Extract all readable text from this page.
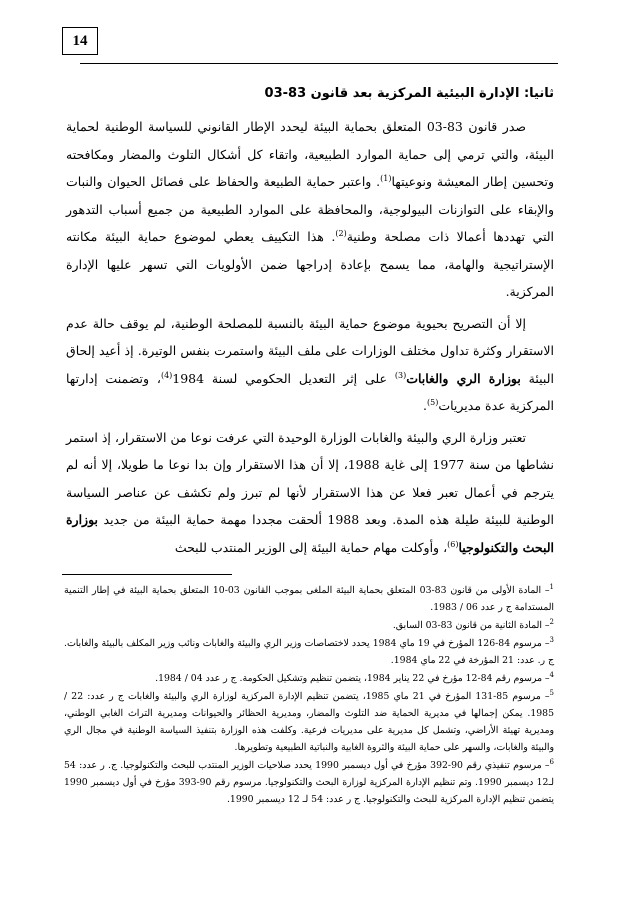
14
ثانيا: الإدارة البيئية المركزية بعد قانون 83-03

صدر قانون 83-03 المتعلق بحماية البيئة ليحدد الإطار القانوني للسياسة الوطنية لحماية البيئة، والتي ترمي إلى حماية الموارد الطبيعية، واتقاء كل أشكال التلوث والمضار ومكافحته وتحسين إطار المعيشة ونوعيتها$^{(1)}$. واعتبر حماية الطبيعة والحفاظ على فصائل الحيوان والنبات والإبقاء على التوازنات البيولوجية، والمحافظة على الموارد الطبيعية من جميع أسباب التدهور التي تهددها أعمالا ذات مصلحة وطنية$^{(2)}$. هذا التكييف يعطي لموضوع حماية البيئة مكانته الإستراتيجية والهامة، مما يسمح بإعادة إدراجها ضمن الأولويات التي تسهر عليها الإدارة المركزية.

إلا أن التصريح بحيوية موضوع حماية البيئة بالنسبة للمصلحة الوطنية، لم يوقف حالة عدم الاستقرار وكثرة تداول مختلف الوزارات على ملف البيئة واستمرت بنفس الوتيرة. إذ أعيد إلحاق البيئة بوزارة الري والغابات$^{(3)}$ على إثر التعديل الحكومي لسنة 1984$^{(4)}$، وتضمنت إدارتها المركزية عدة مديريات$^{(5)}$.

تعتبر وزارة الري والبيئة والغابات الوزارة الوحيدة التي عرفت نوعا من الاستقرار، إذ استمر نشاطها من سنة 1977 إلى غاية 1988، إلا أن هذا الاستقرار وإن بدا نوعا ما طويلا، إلا أنه لم يترجم في أعمال تعبر فعلا عن هذا الاستقرار لأنها لم تبرز ولم تكشف عن عناصر السياسة الوطنية للبيئة طيلة هذه المدة. وبعد 1988 ألحقت مجددا مهمة حماية البيئة من جديد بوزارة البحث والتكنولوجيا$^{(6)}$، وأوكلت مهام حماية البيئة إلى الوزير المنتدب للبحث

$^1$– المادة الأولى من قانون 83-03 المتعلق بحماية البيئة الملغى بموجب القانون 03-10 المتعلق بحماية البيئة في إطار التنمية المستدامة ج ر عدد 06 / 1983.

$^2$– المادة الثانية من قانون 83-03 السابق.

$^3$– مرسوم 84-126 المؤرخ في 19 ماي 1984 يحدد لاختصاصات وزير الري والبيئة والغابات ونائب وزير المكلف بالبيئة والغابات. ج ر. عدد: 21 المؤرخة في 22 ماي 1984.

$^4$– مرسوم رقم 84-12 مؤرخ في 22 يناير 1984، يتضمن تنظيم وتشكيل الحكومة. ج ر عدد 04 / 1984.

$^5$– مرسوم 85-131 المؤرخ في 21 ماي 1985، يتضمن تنظيم الإدارة المركزية لوزارة الري والبيئة والغابات ج ر عدد: 22 / 1985. يمكن إجمالها في مديرية الحماية ضد التلوث والمضار، ومديرية الحظائر والحيوانات ومديرية التراث الغابي الوطني، ومديرية تهيئة الأراضي، وتشمل كل مديرية على مديريات فرعية. وكلفت هذه الوزارة بتنفيذ السياسة الوطنية في مجال الري والبيئة والغابات، والسهر على حماية البيئة والثروة الغابية والنباتية الطبيعية وتطويرها.

$^6$– مرسوم تنفيذي رقم 90-392 مؤرخ في أول ديسمبر 1990 يحدد صلاحيات الوزير المنتدب للبحث والتكنولوجيا. ج. ر عدد: 54 لـ12 ديسمبر 1990. وتم تنظيم الإدارة المركزية لوزارة البحث والتكنولوجيا. مرسوم رقم 90-393 مؤرخ في أول ديسمبر 1990 يتضمن تنظيم الإدارة المركزية للبحث والتكنولوجيا. ج ر عدد: 54 لـ 12 ديسمبر 1990.
